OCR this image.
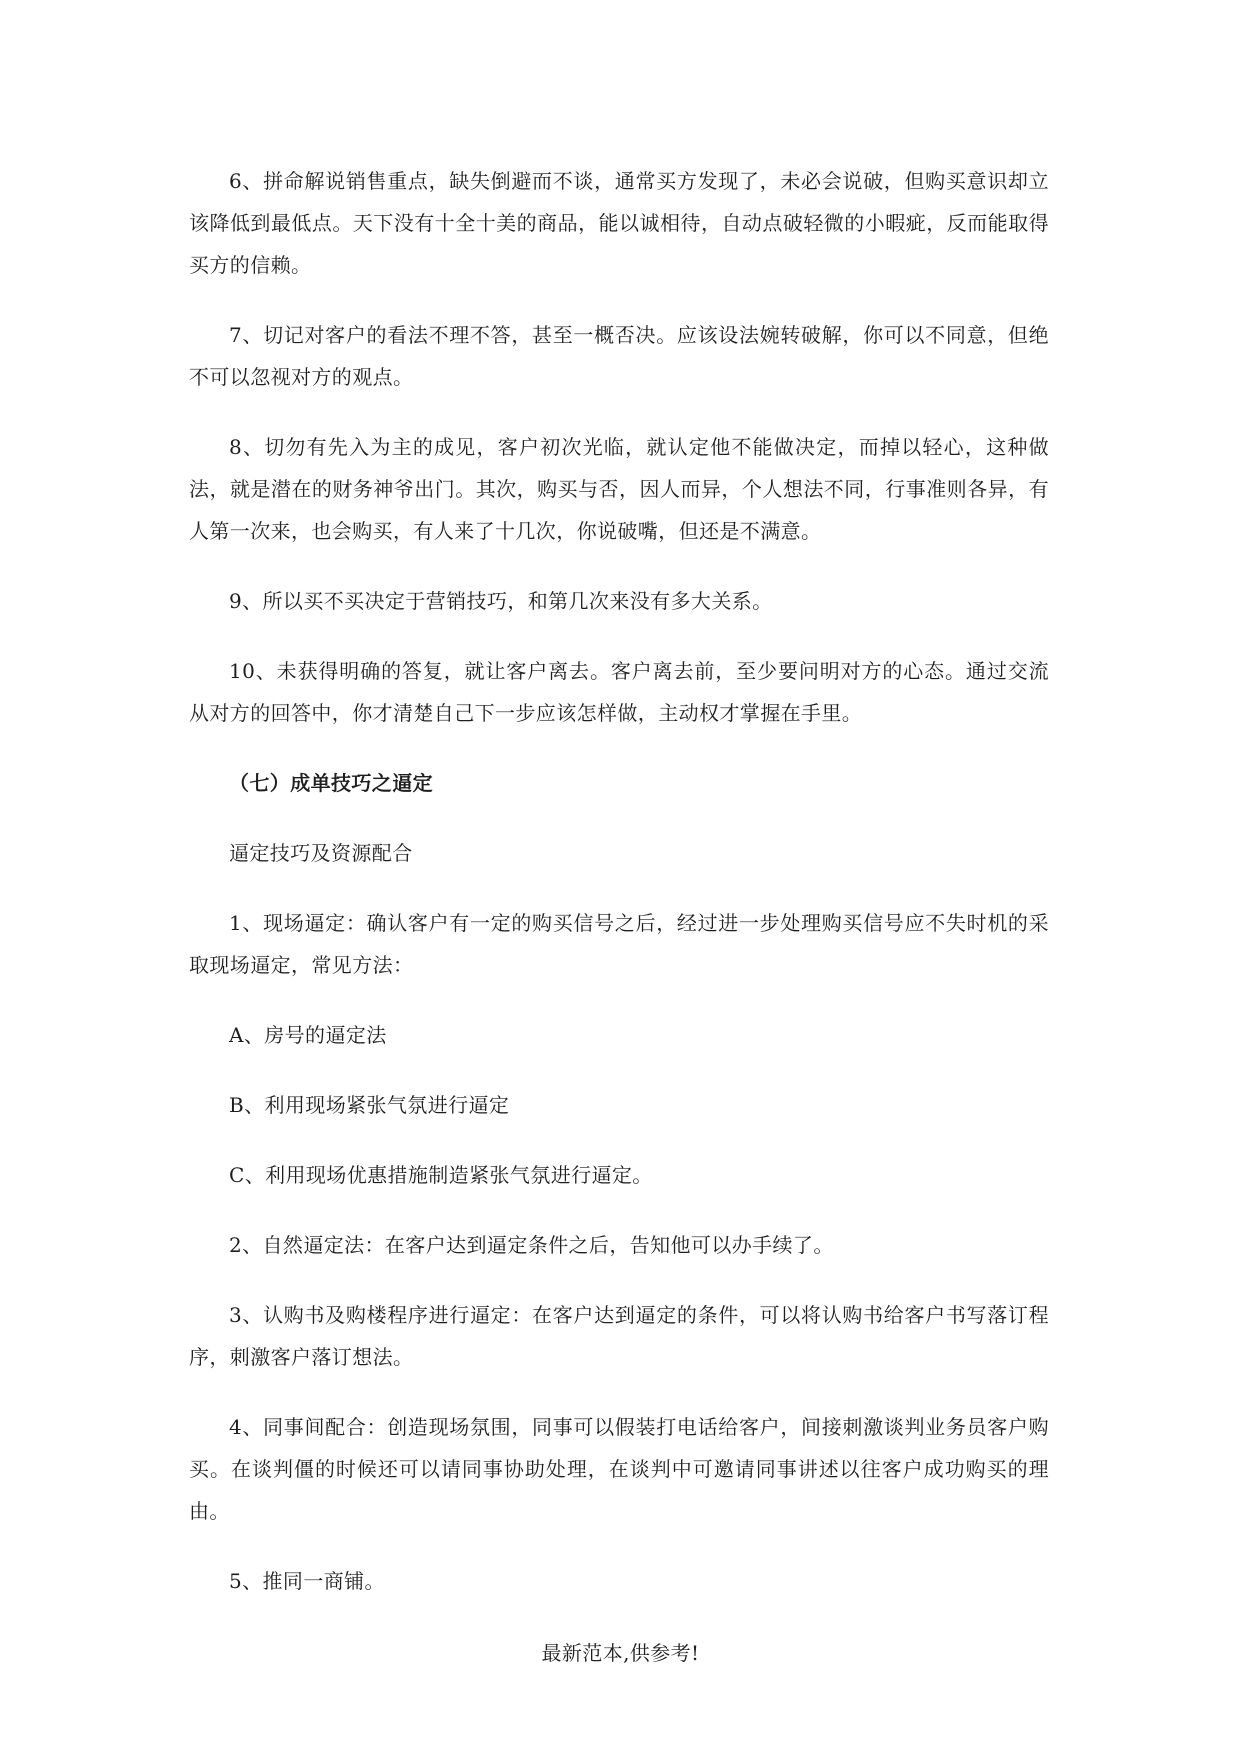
6、拼命解说销售重点，缺失倒避而不谈，通常买方发现了，未必会说破，但购买意识却立该降低到最低点。天下没有十全十美的商品，能以诚相待，自动点破轻微的小暇疵，反而能取得买方的信赖。

7、切记对客户的看法不理不答，甚至一概否决。应该设法婉转破解，你可以不同意，但绝不可以忽视对方的观点。

8、切勿有先入为主的成见，客户初次光临，就认定他不能做决定，而掉以轻心，这种做法，就是潜在的财务神爷出门。其次，购买与否，因人而异，个人想法不同，行事准则各异，有人第一次来，也会购买，有人来了十几次，你说破嘴，但还是不满意。

9、所以买不买决定于营销技巧，和第几次来没有多大关系。

10、未获得明确的答复，就让客户离去。客户离去前，至少要问明对方的心态。通过交流从对方的回答中，你才清楚自己下一步应该怎样做，主动权才掌握在手里。

（七）成单技巧之逼定

逼定技巧及资源配合

1、现场逼定：确认客户有一定的购买信号之后，经过进一步处理购买信号应不失时机的采取现场逼定，常见方法：

A、房号的逼定法

B、利用现场紧张气氛进行逼定

C、利用现场优惠措施制造紧张气氛进行逼定。

2、自然逼定法：在客户达到逼定条件之后，告知他可以办手续了。

3、认购书及购楼程序进行逼定：在客户达到逼定的条件，可以将认购书给客户书写落订程序，刺激客户落订想法。

4、同事间配合：创造现场氛围，同事可以假装打电话给客户，间接刺激谈判业务员客户购买。在谈判僵的时候还可以请同事协助处理，在谈判中可邀请同事讲述以往客户成功购买的理由。

5、推同一商铺。

最新范本,供参考!
